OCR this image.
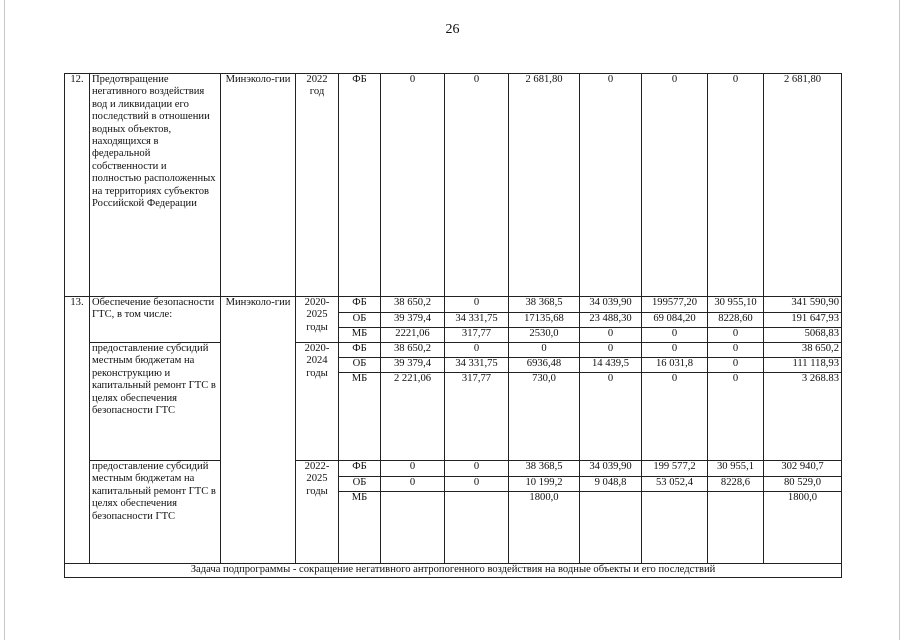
26
12.	Предотвращение негативного воздействия вод и ликвидации его последствий в отношении водных объектов, находящихся в федеральной собственности и полностью расположенных на территориях субъектов Российской Федерации	Минэколо-гии	2022 год	ФБ	0	0	2 681,80	0	0	0	2 681,80
13.	Обеспечение безопасности ГТС, в том числе:	Минэколо-гии	2020-2025 годы	ФБ	38 650,2	0	38 368,5	34 039,90	199577,20	30 955,10	341 590,90
				ОБ	39 379,4	34 331,75	17135,68	23 488,30	69 084,20	8228,60	191 647,93
				МБ	2221,06	317,77	2530,0	0	0	0	5068,83
	предоставление субсидий местным бюджетам на реконструкцию и капитальный ремонт ГТС в целях обеспечения безопасности ГТС		2020-2024 годы	ФБ	38 650,2	0	0	0	0	0	38 650,2
				ОБ	39 379,4	34 331,75	6936,48	14 439,5	16 031,8	0	111 118,93
				МБ	2 221,06	317,77	730,0	0	0	0	3 268.83
	предоставление субсидий местным бюджетам на капитальный ремонт ГТС в целях обеспечения безопасности ГТС		2022-2025 годы	ФБ	0	0	38 368,5	34 039,90	199 577,2	30 955,1	302 940,7
				ОБ	0	0	10 199,2	9 048,8	53 052,4	8228,6	80 529,0
				МБ			1800,0				1800,0
Задача подпрограммы - сокращение негативного антропогенного воздействия на водные объекты и его последствий											
